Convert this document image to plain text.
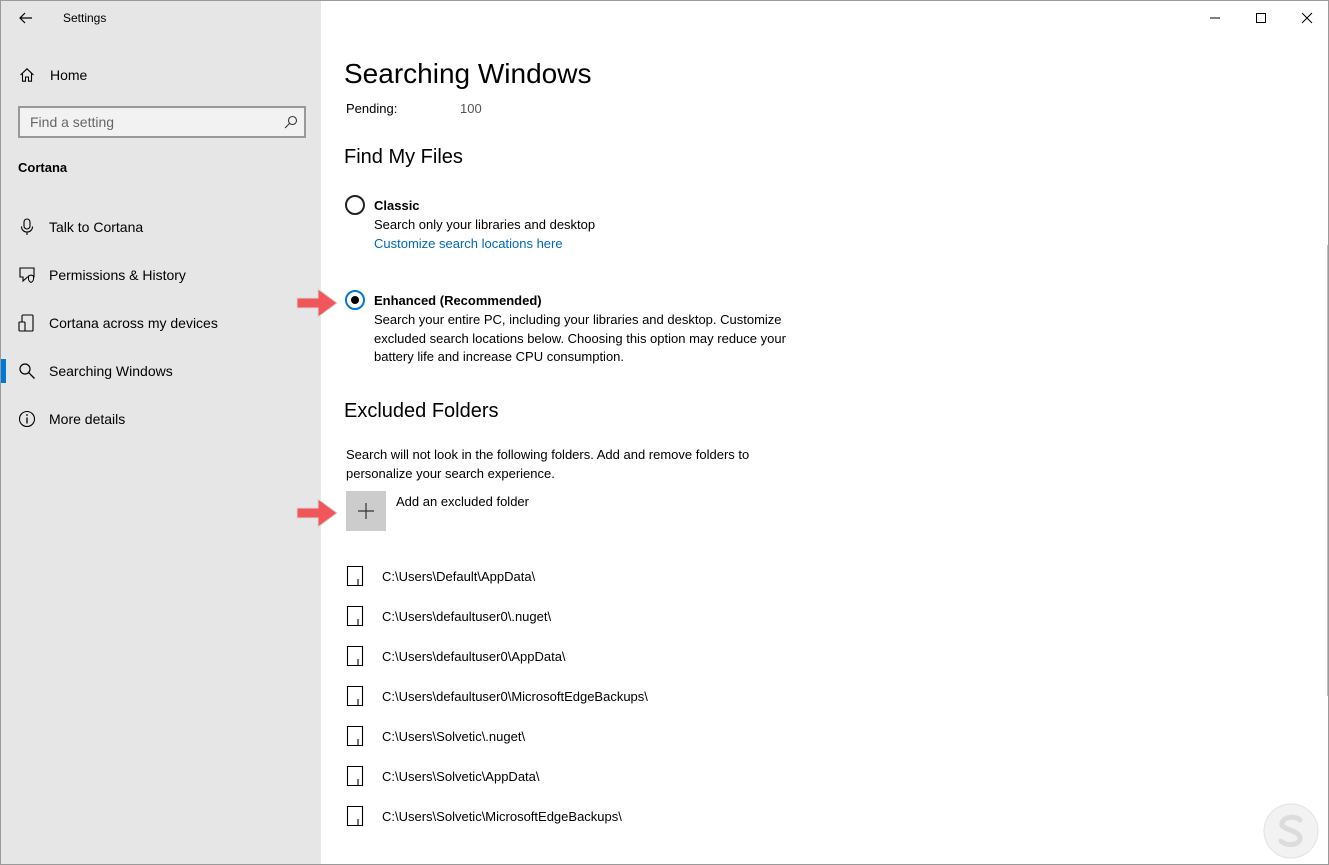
Settings
Home
Find a setting
Cortana
Talk to Cortana
Permissions & History
Cortana across my devices
Searching Windows
More details
Searching Windows
Pending:	100
Find My Files
Classic
Search only your libraries and desktop
Customize search locations here
Enhanced (Recommended)
Search your entire PC, including your libraries and desktop. Customize excluded search locations below. Choosing this option may reduce your battery life and increase CPU consumption.
Excluded Folders
Search will not look in the following folders. Add and remove folders to personalize your search experience.
Add an excluded folder
C:\Users\Default\AppData\
C:\Users\defaultuser0\.nuget\
C:\Users\defaultuser0\AppData\
C:\Users\defaultuser0\MicrosoftEdgeBackups\
C:\Users\Solvetic\.nuget\
C:\Users\Solvetic\AppData\
C:\Users\Solvetic\MicrosoftEdgeBackups\
